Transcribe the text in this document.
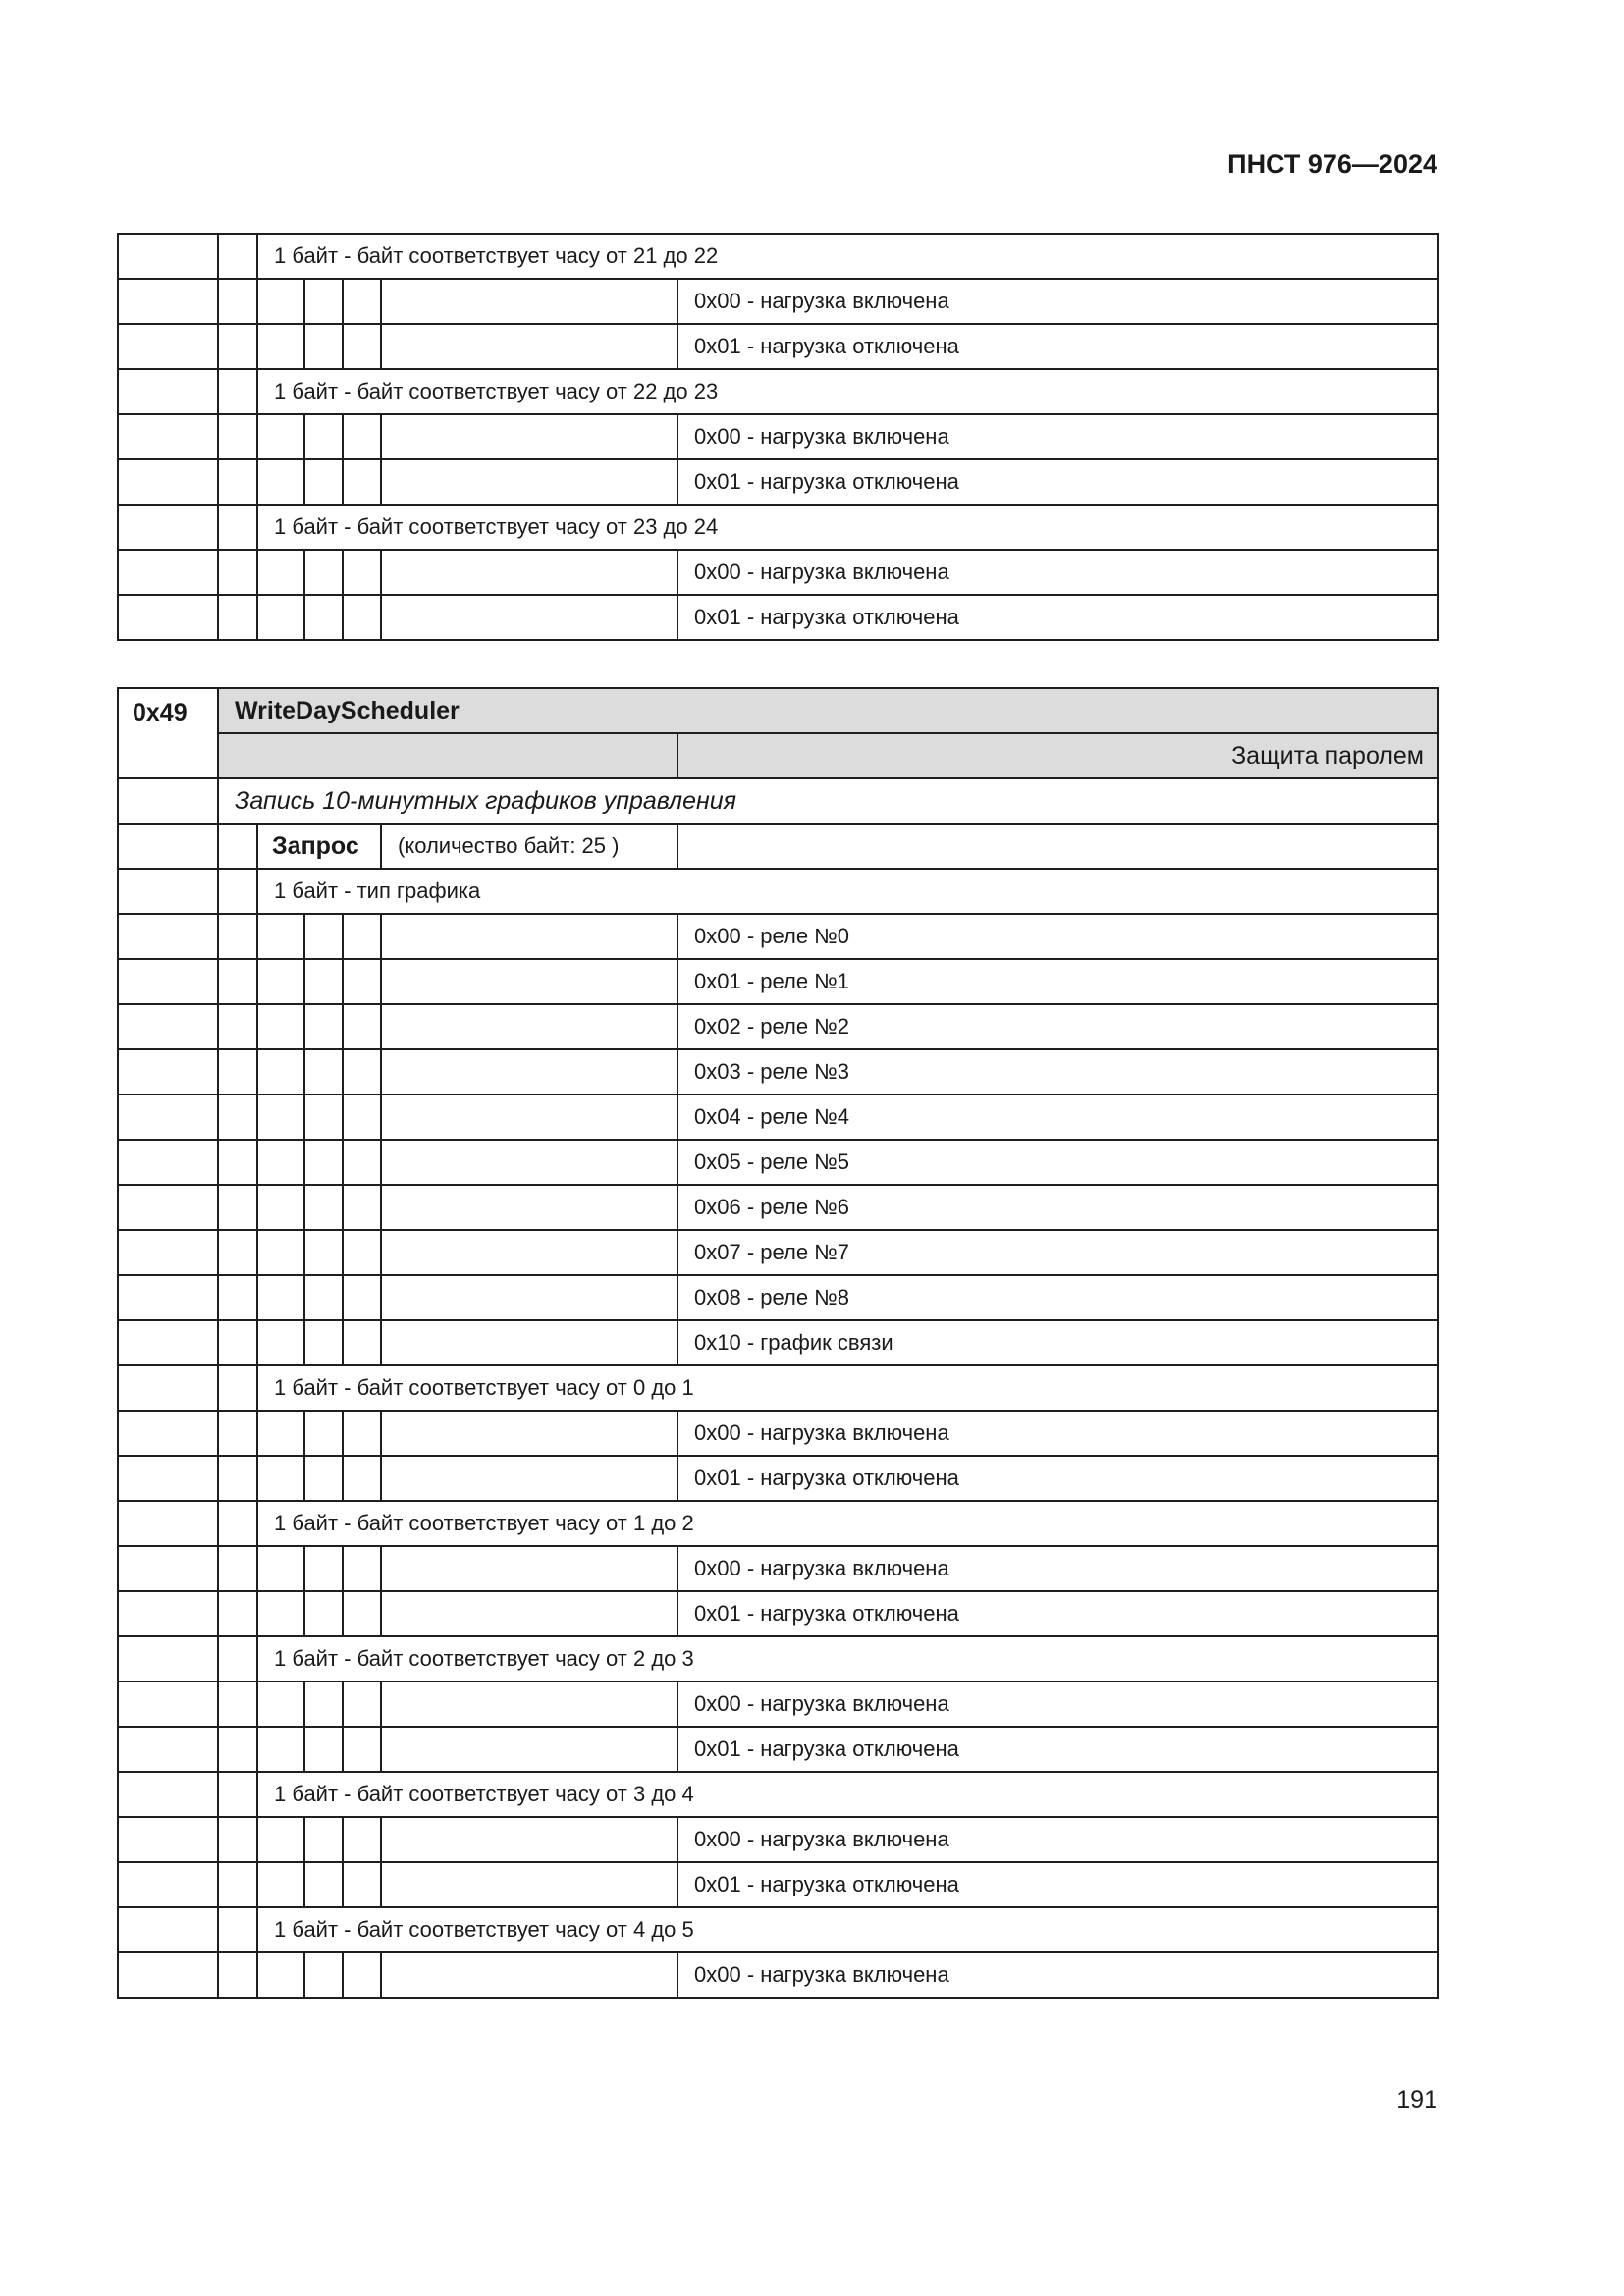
ПНСТ 976—2024
		1 байт - байт соответствует часу от 21 до 22				
						0x00 - нагрузка включена
						0x01 - нагрузка отключена
		1 байт - байт соответствует часу от 22 до 23				
						0x00 - нагрузка включена
						0x01 - нагрузка отключена
		1 байт - байт соответствует часу от 23 до 24				
						0x00 - нагрузка включена
						0x01 - нагрузка отключена
0x49	WriteDayScheduler					
						Защита паролем
	Запись 10-минутных графиков управления					
		Запрос			(количество байт: 25 )	
		1 байт - тип графика				
						0x00 - реле №0
						0x01 - реле №1
						0x02 - реле №2
						0x03 - реле №3
						0x04 - реле №4
						0x05 - реле №5
						0x06 - реле №6
						0x07 - реле №7
						0x08 - реле №8
						0x10 - график связи
		1 байт - байт соответствует часу от 0 до 1				
						0x00 - нагрузка включена
						0x01 - нагрузка отключена
		1 байт - байт соответствует часу от 1 до 2				
						0x00 - нагрузка включена
						0x01 - нагрузка отключена
		1 байт - байт соответствует часу от 2 до 3				
						0x00 - нагрузка включена
						0x01 - нагрузка отключена
		1 байт - байт соответствует часу от 3 до 4				
						0x00 - нагрузка включена
						0x01 - нагрузка отключена
		1 байт - байт соответствует часу от 4 до 5				
						0x00 - нагрузка включена
191
